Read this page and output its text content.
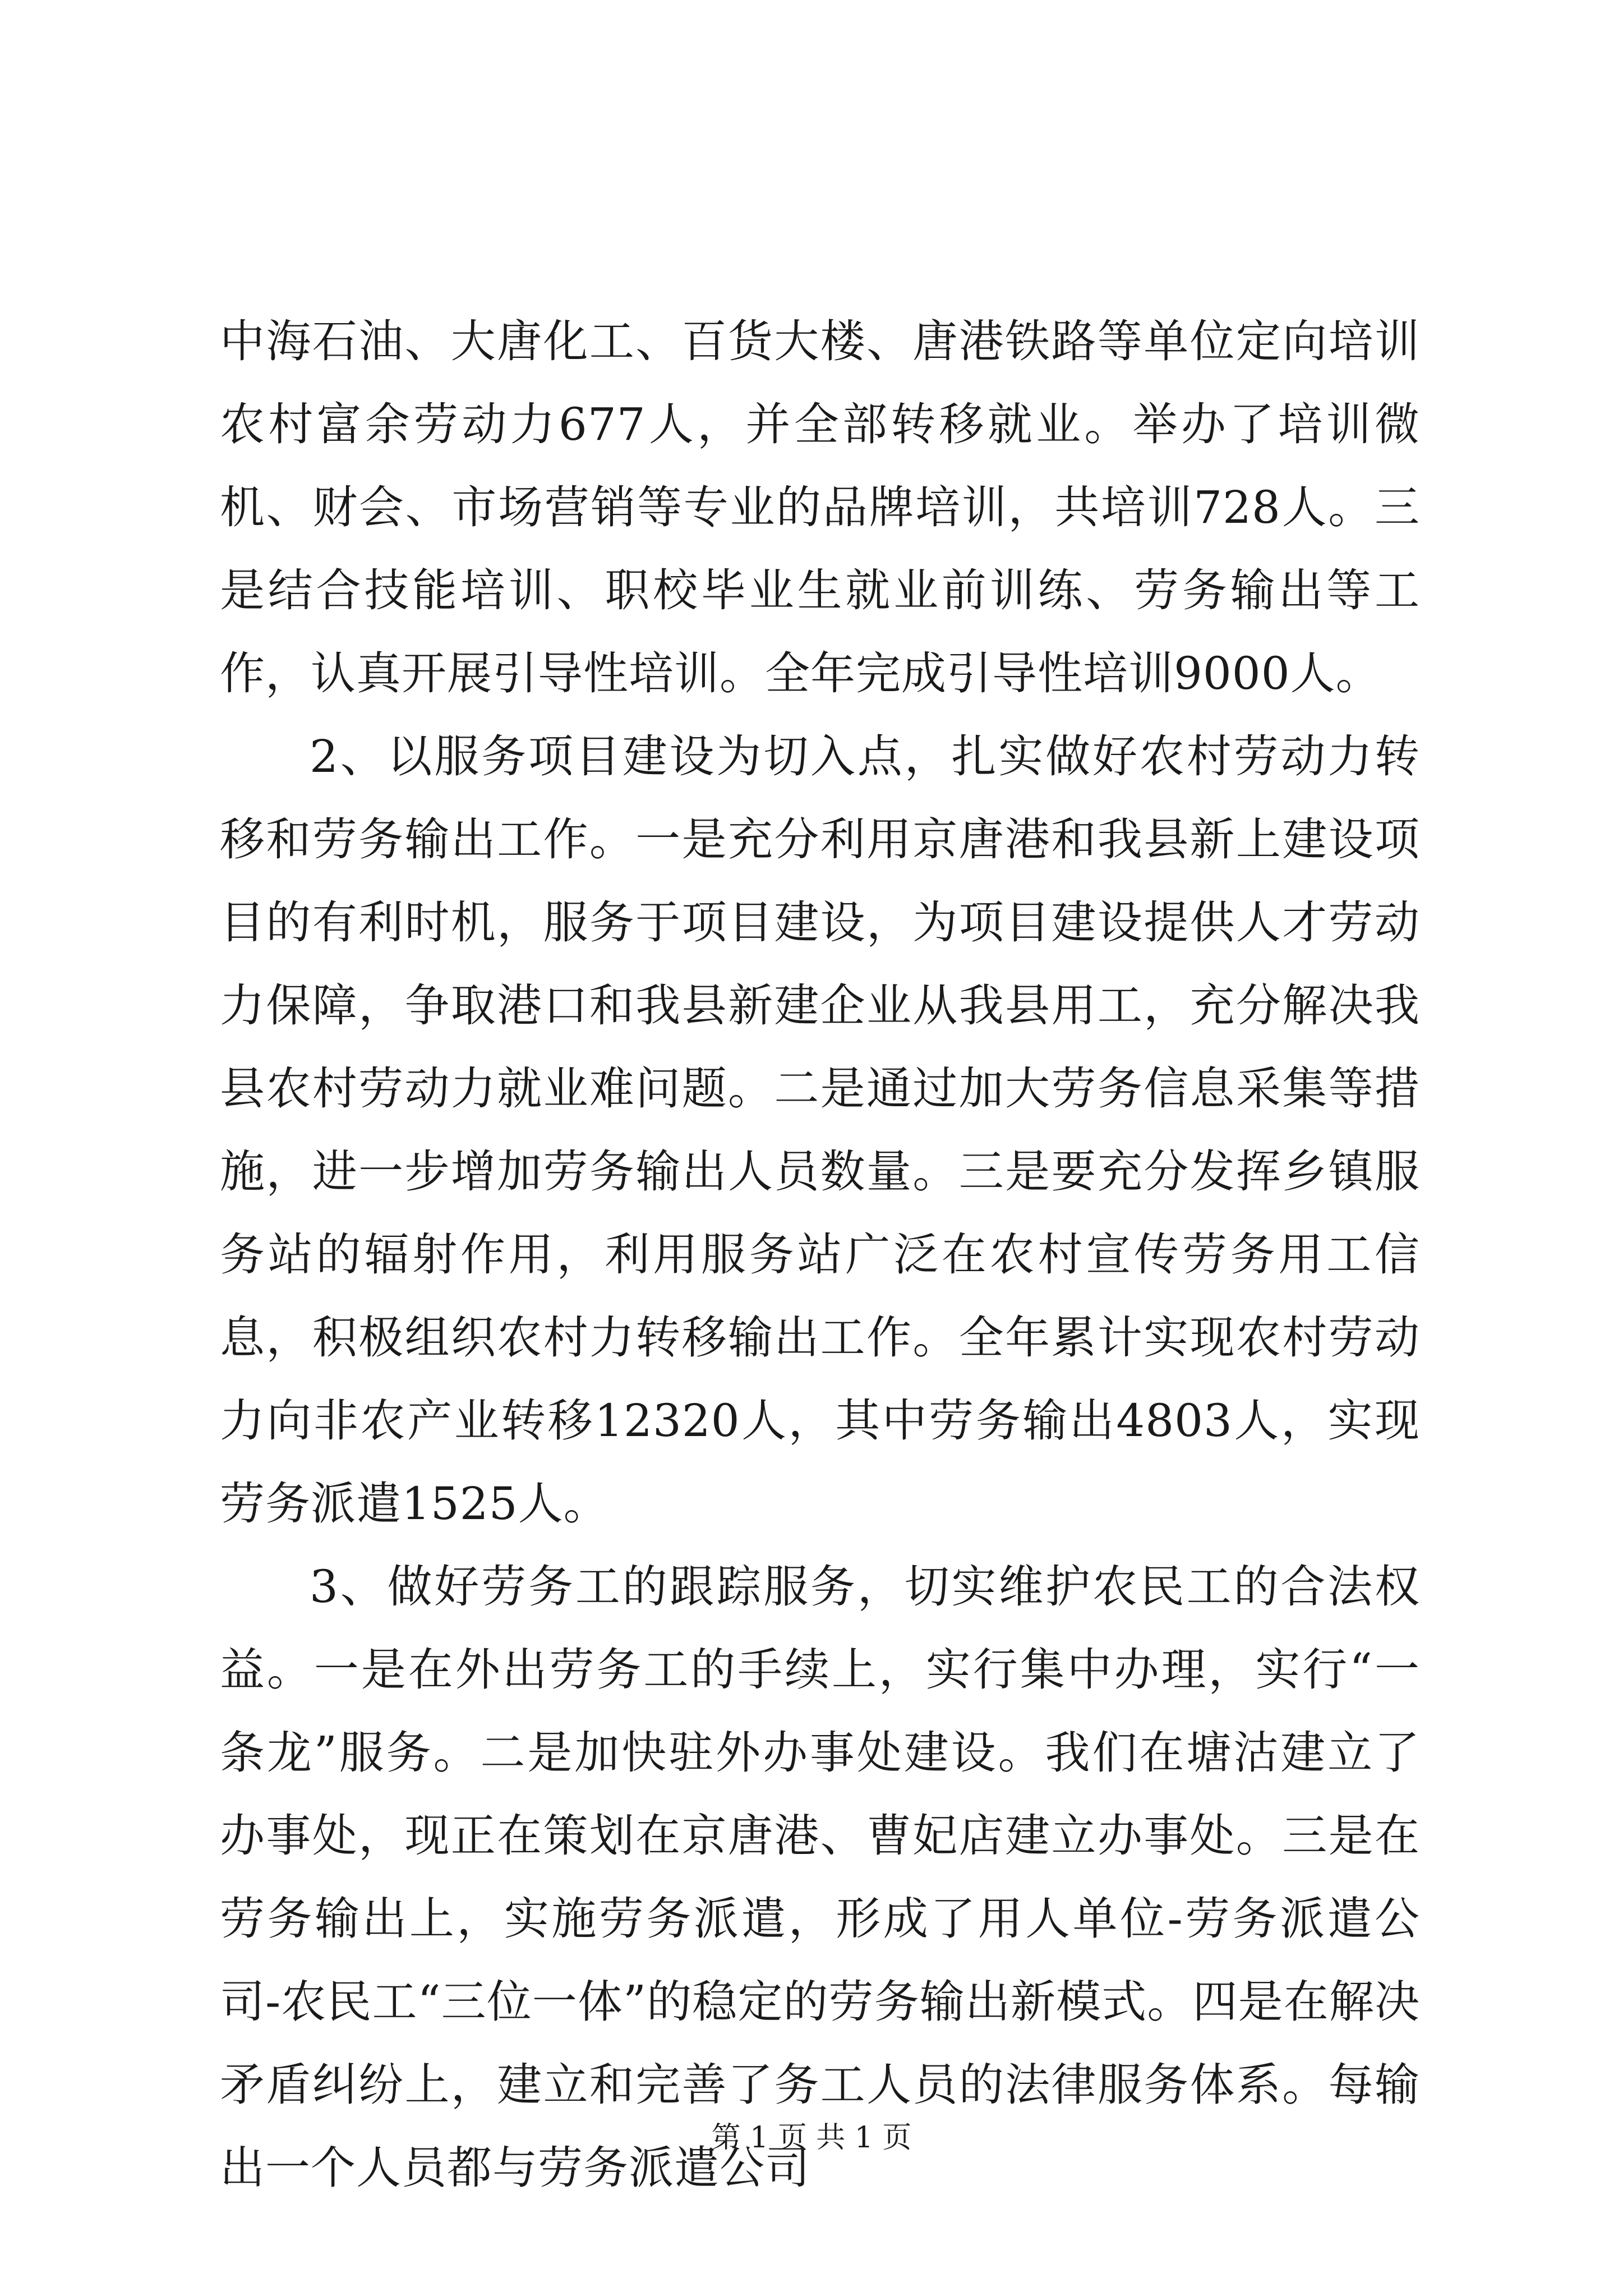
中海石油、大唐化工、百货大楼、唐港铁路等单位定向培训农村富余劳动力677人，并全部转移就业。举办了培训微机、财会、市场营销等专业的品牌培训，共培训728人。三是结合技能培训、职校毕业生就业前训练、劳务输出等工作，认真开展引导性培训。全年完成引导性培训9000人。

2、以服务项目建设为切入点，扎实做好农村劳动力转移和劳务输出工作。一是充分利用京唐港和我县新上建设项目的有利时机，服务于项目建设，为项目建设提供人才劳动力保障，争取港口和我县新建企业从我县用工，充分解决我县农村劳动力就业难问题。二是通过加大劳务信息采集等措施，进一步增加劳务输出人员数量。三是要充分发挥乡镇服务站的辐射作用，利用服务站广泛在农村宣传劳务用工信息，积极组织农村力转移输出工作。全年累计实现农村劳动力向非农产业转移12320人，其中劳务输出4803人，实现劳务派遣1525人。

3、做好劳务工的跟踪服务，切实维护农民工的合法权益。一是在外出劳务工的手续上，实行集中办理，实行“一条龙”服务。二是加快驻外办事处建设。我们在塘沽建立了办事处，现正在策划在京唐港、曹妃店建立办事处。三是在劳务输出上，实施劳务派遣，形成了用人单位-劳务派遣公司-农民工“三位一体”的稳定的劳务输出新模式。四是在解决矛盾纠纷上，建立和完善了务工人员的法律服务体系。每输出一个人员都与劳务派遣公司

第 1 页 共 1 页
